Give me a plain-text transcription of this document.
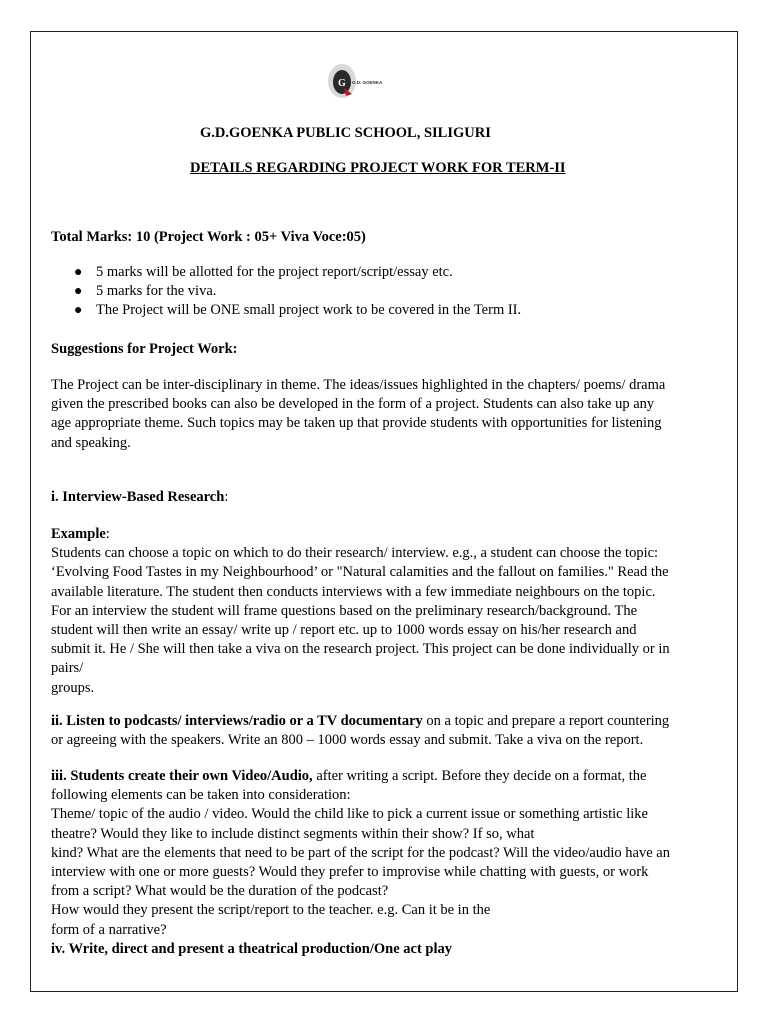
G G.D. GOENKA
G.D.GOENKA PUBLIC SCHOOL, SILIGURI
DETAILS REGARDING PROJECT WORK FOR TERM-II
Total Marks: 10 (Project Work : 05+ Viva Voce:05)
● 5 marks will be allotted for the project report/script/essay etc.
● 5 marks for the viva.
● The Project will be ONE small project work to be covered in the Term II.
Suggestions for Project Work:
The Project can be inter-disciplinary in theme. The ideas/issues highlighted in the chapters/ poems/ drama
given the prescribed books can also be developed in the form of a project. Students can also take up any
age appropriate theme. Such topics may be taken up that provide students with opportunities for listening
and speaking.
i. Interview-Based Research:
Example:
Students can choose a topic on which to do their research/ interview. e.g., a student can choose the topic:
‘Evolving Food Tastes in my Neighbourhood’ or "Natural calamities and the fallout on families." Read the
available literature. The student then conducts interviews with a few immediate neighbours on the topic.
For an interview the student will frame questions based on the preliminary research/background. The
student will then write an essay/ write up / report etc. up to 1000 words essay on his/her research and
submit it. He / She will then take a viva on the research project. This project can be done individually or in
pairs/
groups.
ii. Listen to podcasts/ interviews/radio or a TV documentary on a topic and prepare a report countering
or agreeing with the speakers. Write an 800 – 1000 words essay and submit. Take a viva on the report.
iii. Students create their own Video/Audio, after writing a script. Before they decide on a format, the
following elements can be taken into consideration:
Theme/ topic of the audio / video. Would the child like to pick a current issue or something artistic like
theatre? Would they like to include distinct segments within their show? If so, what
kind? What are the elements that need to be part of the script for the podcast? Will the video/audio have an
interview with one or more guests? Would they prefer to improvise while chatting with guests, or work
from a script? What would be the duration of the podcast?
How would they present the script/report to the teacher. e.g. Can it be in the
form of a narrative?
iv. Write, direct and present a theatrical production/One act play
